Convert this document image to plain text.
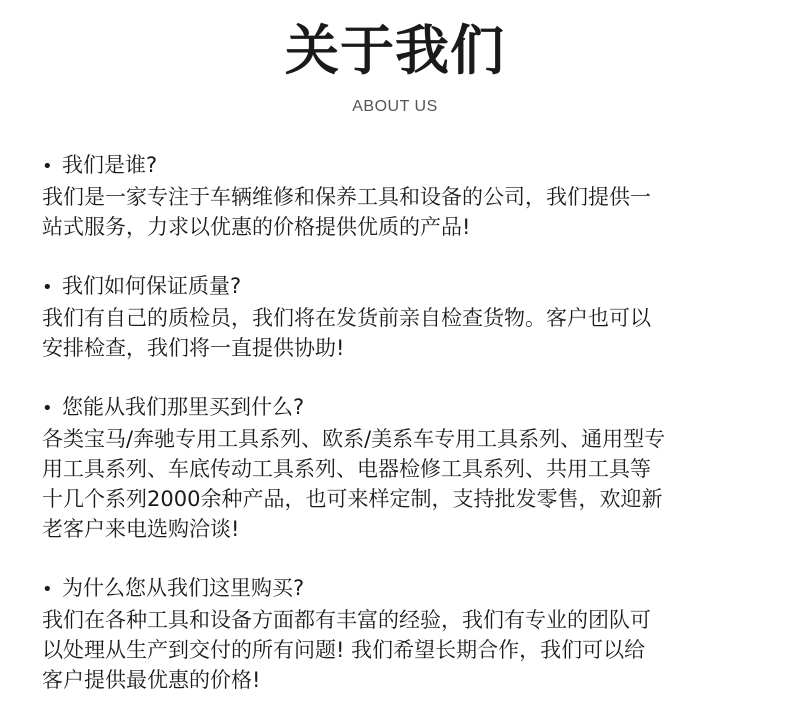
关于我们
ABOUT US
• 我们是谁?
我们是一家专注于车辆维修和保养工具和设备的公司，我们提供一
站式服务，力求以优惠的价格提供优质的产品!
• 我们如何保证质量?
我们有自己的质检员，我们将在发货前亲自检查货物。客户也可以
安排检查，我们将一直提供协助!
• 您能从我们那里买到什么?
各类宝马/奔驰专用工具系列、欧系/美系车专用工具系列、通用型专
用工具系列、车底传动工具系列、电器检修工具系列、共用工具等
十几个系列2000余种产品，也可来样定制，支持批发零售，欢迎新
老客户来电选购洽谈!
• 为什么您从我们这里购买?
我们在各种工具和设备方面都有丰富的经验，我们有专业的团队可
以处理从生产到交付的所有问题! 我们希望长期合作，我们可以给
客户提供最优惠的价格!
